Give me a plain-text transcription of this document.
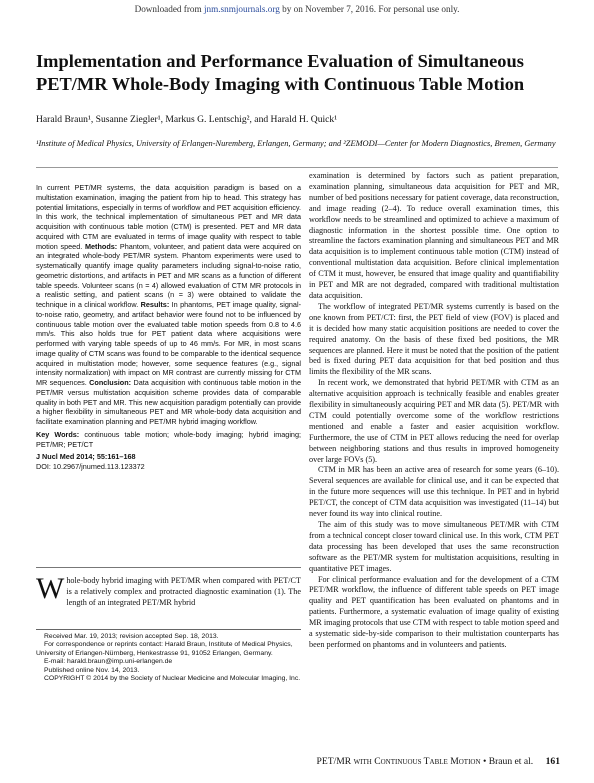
Downloaded from jnm.snmjournals.org by on November 7, 2016. For personal use only.
Implementation and Performance Evaluation of Simultaneous PET/MR Whole-Body Imaging with Continuous Table Motion
Harald Braun¹, Susanne Ziegler¹, Markus G. Lentschig², and Harald H. Quick¹
¹Institute of Medical Physics, University of Erlangen-Nuremberg, Erlangen, Germany; and ²ZEMODI—Center for Modern Diagnostics, Bremen, Germany

In current PET/MR systems, the data acquisition paradigm is based on a multistation examination, imaging the patient from hip to head. This strategy has potential limitations, especially in terms of workflow and PET acquisition efficiency. In this work, the technical implementation of simultaneous PET and MR data acquisition with continuous table motion (CTM) is presented. PET and MR data acquired with CTM are evaluated in terms of image quality with respect to table motion speed. Methods: Phantom, volunteer, and patient data were acquired on an integrated whole-body PET/MR system. Phantom experiments were used to systematically quantify image quality parameters including signal-to-noise ratio, geometric distortions, and artifacts in PET and MR scans as a function of different table speeds. Volunteer scans (n = 4) allowed evaluation of CTM MR protocols in a realistic setting, and patient scans (n = 3) were obtained to validate the technique in a clinical workflow. Results: In phantoms, PET image quality, signal-to-noise ratio, geometry, and artifact behavior were found not to be influenced by continuous table motion over the evaluated table motion speeds from 0.8 to 4.6 mm/s. This also holds true for PET patient data where acquisitions were performed with varying table speeds of up to 46 mm/s. For MR, in most scans image quality of CTM scans was found to be comparable to the identical sequence acquired in multistation mode; however, some sequence features (e.g., signal intensity normalization) with impact on MR contrast are currently missing for CTM MR sequences. Conclusion: Data acquisition with continuous table motion in the PET/MR versus multistation acquisition scheme provides data of comparable quality in both PET and MR. This new acquisition paradigm potentially can provide a higher flexibility in simultaneous PET and MR whole-body data acquisition and facilitate examination planning and PET/MR hybrid imaging workflow.

Key Words: continuous table motion; whole-body imaging; hybrid imaging; PET/MR; PET/CT

J Nucl Med 2014; 55:161–168

DOI: 10.2967/jnumed.113.123372

Whole-body hybrid imaging with PET/MR when compared with PET/CT is a relatively complex and protracted diagnostic examination (1). The length of an integrated PET/MR hybrid

Received Mar. 19, 2013; revision accepted Sep. 18, 2013.

For correspondence or reprints contact: Harald Braun, Institute of Medical Physics, University of Erlangen-Nürnberg, Henkestrasse 91, 91052 Erlangen, Germany.

E-mail: harald.braun@imp.uni-erlangen.de

Published online Nov. 14, 2013.

COPYRIGHT © 2014 by the Society of Nuclear Medicine and Molecular Imaging, Inc.

examination is determined by factors such as patient preparation, examination planning, simultaneous data acquisition for PET and MR, number of bed positions necessary for patient coverage, data reconstruction, and image reading (2–4). To reduce overall examination times, this workflow needs to be streamlined and optimized to achieve a maximum of diagnostic information in the shortest possible time. One option to streamline the factors examination planning and simultaneous PET and MR data acquisition is to implement continuous table motion (CTM) instead of conventional multistation data acquisition. Before clinical implementation of CTM it must, however, be ensured that image quality and quantifiability in PET and MR are not degraded, compared with traditional multistation data acquisition.

The workflow of integrated PET/MR systems currently is based on the one known from PET/CT: first, the PET field of view (FOV) is placed and it is decided how many static acquisition positions are needed to cover the required anatomy. On the basis of these fixed bed positions, the MR sequences are planned. Here it must be noted that the position of the patient bed is fixed during PET data acquisition for that bed position and thus limits the flexibility of the MR scans.

In recent work, we demonstrated that hybrid PET/MR with CTM as an alternative acquisition approach is technically feasible and enables greater flexibility in simultaneously acquiring PET and MR data (5). PET/MR with CTM could potentially overcome some of the workflow restrictions mentioned and enable a faster and easier acquisition workflow. Furthermore, the use of CTM in PET allows reducing the need for overlap between neighboring stations and thus results in improved homogeneity over large FOVs (5).

CTM in MR has been an active area of research for some years (6–10). Several sequences are available for clinical use, and it can be expected that in the future more sequences will use this technique. In PET and in hybrid PET/CT, the concept of CTM data acquisition was investigated (11–14) but never found its way into clinical routine.

The aim of this study was to move simultaneous PET/MR with CTM from a technical concept closer toward clinical use. In this work, CTM PET data processing has been developed that uses the same reconstruction software as the PET/MR system for multistation acquisitions, resulting in quantitative PET images.

For clinical performance evaluation and for the development of a CTM PET/MR workflow, the influence of different table speeds on PET image quality and PET quantification has been evaluated on phantoms and in patients. Furthermore, a systematic evaluation of image quality of existing MR imaging protocols that use CTM with respect to table motion speed and a systematic side-by-side comparison to their multistation counterparts has been performed on phantoms and in volunteers and patients.

PET/MR with Continuous Table Motion • Braun et al. 161
